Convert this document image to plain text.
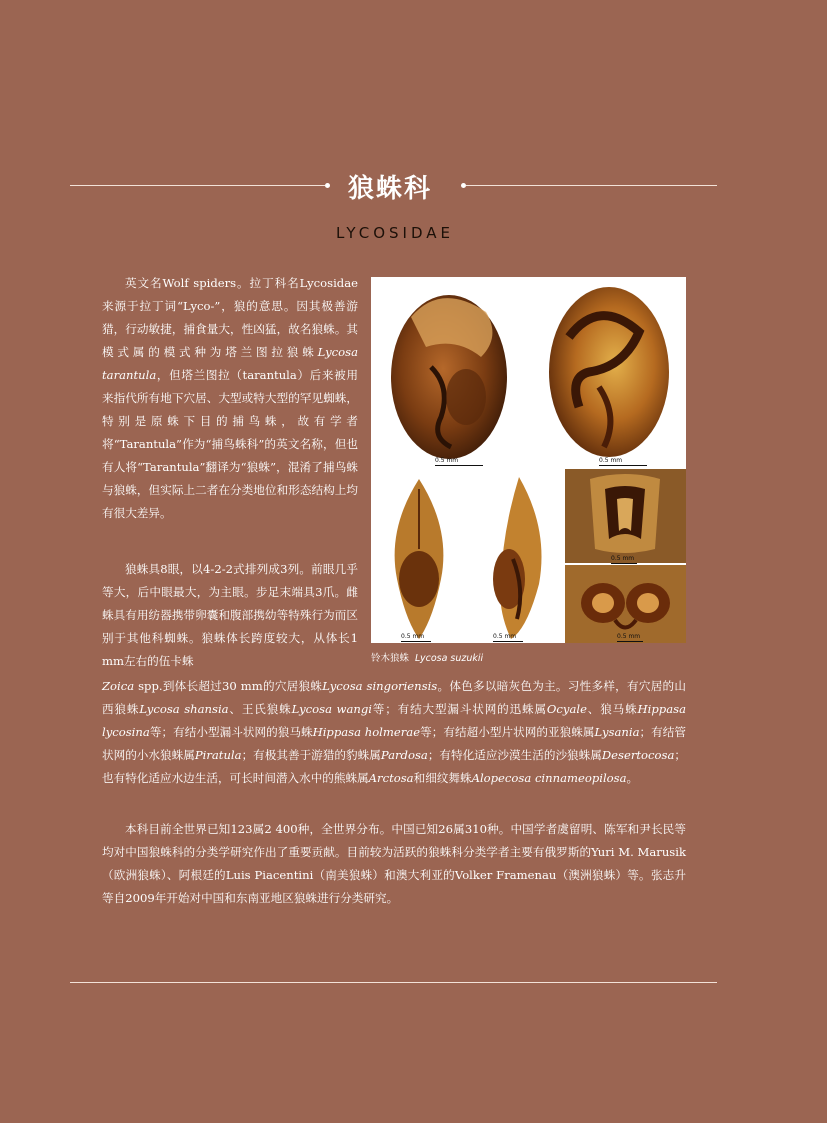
狼蛛科
LYCOSIDAE
0.5 mm	0.5 mm
0.5 mm	0.5 mm
0.5 mm
0.5 mm
铃木狼蛛 Lycosa suzukii

英文名Wolf spiders。拉丁科名Lycosidae来源于拉丁词“Lyco-”，狼的意思。因其极善游猎，行动敏捷，捕食量大，性凶猛，故名狼蛛。其模式属的模式种为塔兰图拉狼蛛Lycosa tarantula，但塔兰图拉（tarantula）后来被用来指代所有地下穴居、大型或特大型的罕见蜘蛛，特别是原蛛下目的捕鸟蛛，故有学者将“Tarantula”作为“捕鸟蛛科”的英文名称，但也有人将“Tarantula”翻译为“狼蛛”，混淆了捕鸟蛛与狼蛛，但实际上二者在分类地位和形态结构上均有很大差异。

狼蛛具8眼，以4-2-2式排列成3列。前眼几乎等大，后中眼最大，为主眼。步足末端具3爪。雌蛛具有用纺器携带卵囊和腹部携幼等特殊行为而区别于其他科蜘蛛。狼蛛体长跨度较大，从体长1 mm左右的伍卡蛛

Zoica spp.到体长超过30 mm的穴居狼蛛Lycosa singoriensis。体色多以暗灰色为主。习性多样，有穴居的山西狼蛛Lycosa shansia、王氏狼蛛Lycosa wangi等；有结大型漏斗状网的迅蛛属Ocyale、狼马蛛Hippasa lycosina等；有结小型漏斗状网的狼马蛛Hippasa holmerae等；有结超小型片状网的亚狼蛛属Lysania；有结管状网的小水狼蛛属Piratula；有极其善于游猎的豹蛛属Pardosa；有特化适应沙漠生活的沙狼蛛属Desertocosa；也有特化适应水边生活，可长时间潜入水中的熊蛛属Arctosa和细纹舞蛛Alopecosa cinnameopilosa。

本科目前全世界已知123属2 400种，全世界分布。中国已知26属310种。中国学者虞留明、陈军和尹长民等均对中国狼蛛科的分类学研究作出了重要贡献。目前较为活跃的狼蛛科分类学者主要有俄罗斯的Yuri M. Marusik（欧洲狼蛛）、阿根廷的Luis Piacentini（南美狼蛛）和澳大利亚的Volker Framenau（澳洲狼蛛）等。张志升等自2009年开始对中国和东南亚地区狼蛛进行分类研究。
